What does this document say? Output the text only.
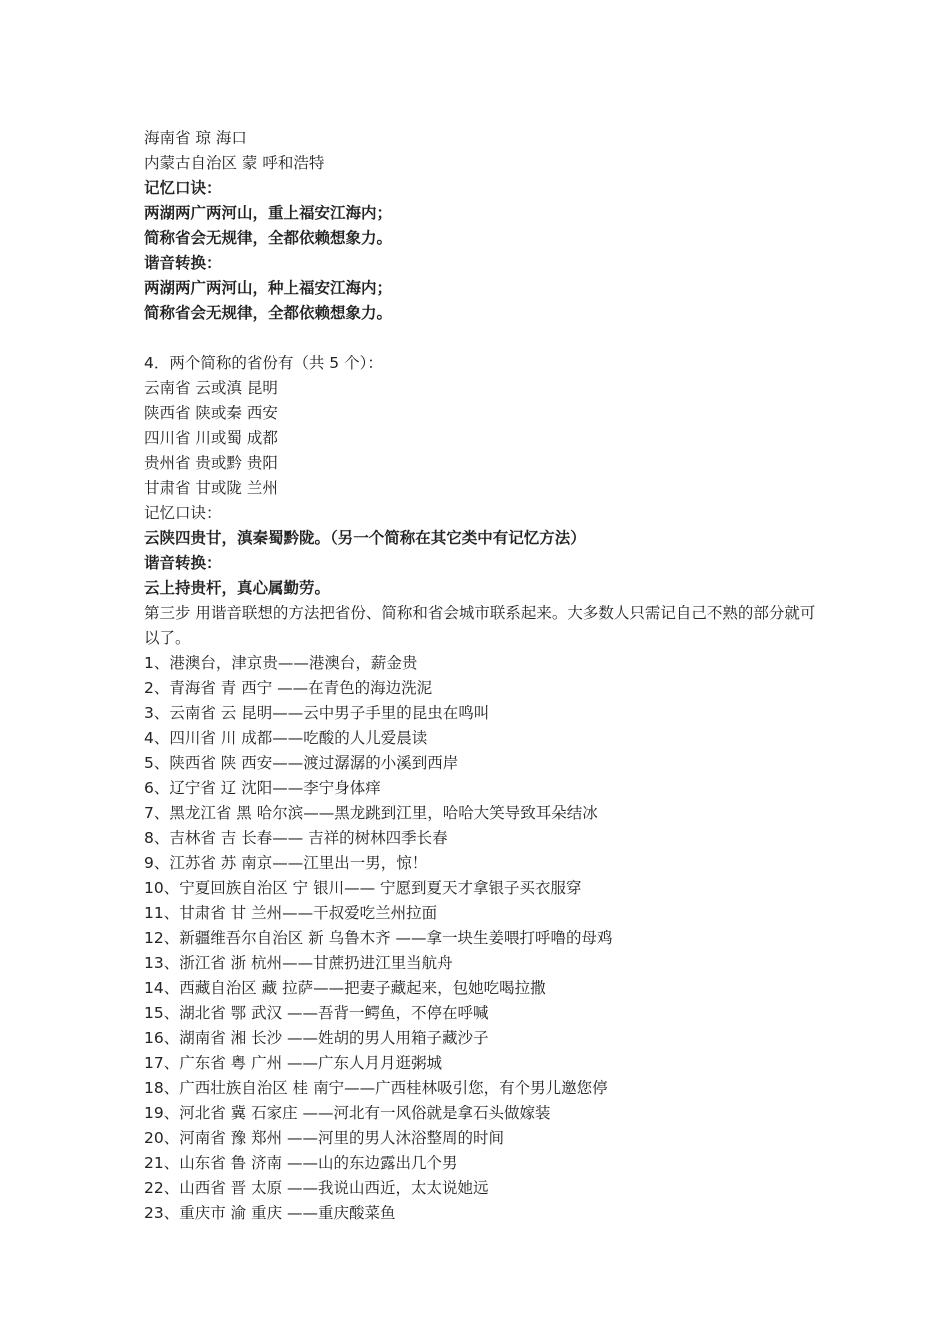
海南省 琼 海口
内蒙古自治区 蒙 呼和浩特
记忆口诀：
两湖两广两河山，重上福安江海内；
简称省会无规律，全都依赖想象力。
谐音转换：
两湖两广两河山，种上福安江海内；
简称省会无规律，全都依赖想象力。
4．两个简称的省份有（共 5 个）：
云南省 云或滇 昆明
陕西省 陕或秦 西安
四川省 川或蜀 成都
贵州省 贵或黔 贵阳
甘肃省 甘或陇 兰州
记忆口诀：
云陕四贵甘，滇秦蜀黔陇。（另一个简称在其它类中有记忆方法）
谐音转换：
云上持贵杆，真心属勤劳。
第三步 用谐音联想的方法把省份、简称和省会城市联系起来。大多数人只需记自己不熟的部分就可以了。
1、港澳台，津京贵——港澳台，薪金贵
2、青海省 青 西宁 ——在青色的海边洗泥
3、云南省 云 昆明——云中男子手里的昆虫在鸣叫
4、四川省 川 成都——吃酸的人儿爱晨读
5、陕西省 陕 西安——渡过潺潺的小溪到西岸
6、辽宁省 辽 沈阳——李宁身体痒
7、黑龙江省 黑 哈尔滨——黑龙跳到江里，哈哈大笑导致耳朵结冰
8、吉林省 吉 长春—— 吉祥的树林四季长春
9、江苏省 苏 南京——江里出一男，惊！
10、宁夏回族自治区 宁 银川—— 宁愿到夏天才拿银子买衣服穿
11、甘肃省 甘 兰州——干叔爱吃兰州拉面
12、新疆维吾尔自治区 新 乌鲁木齐 ——拿一块生姜喂打呼噜的母鸡
13、浙江省 浙 杭州——甘蔗扔进江里当航舟
14、西藏自治区 藏 拉萨——把妻子藏起来，包她吃喝拉撒
15、湖北省 鄂 武汉 ——吾背一鳄鱼，不停在呼喊
16、湖南省 湘 长沙 ——姓胡的男人用箱子藏沙子
17、广东省 粤 广州 ——广东人月月逛粥城
18、广西壮族自治区 桂 南宁——广西桂林吸引您，有个男儿邀您停
19、河北省 冀 石家庄 ——河北有一风俗就是拿石头做嫁装
20、河南省 豫 郑州 ——河里的男人沐浴整周的时间
21、山东省 鲁 济南 ——山的东边露出几个男
22、山西省 晋 太原 ——我说山西近，太太说她远
23、重庆市 渝 重庆 ——重庆酸菜鱼
